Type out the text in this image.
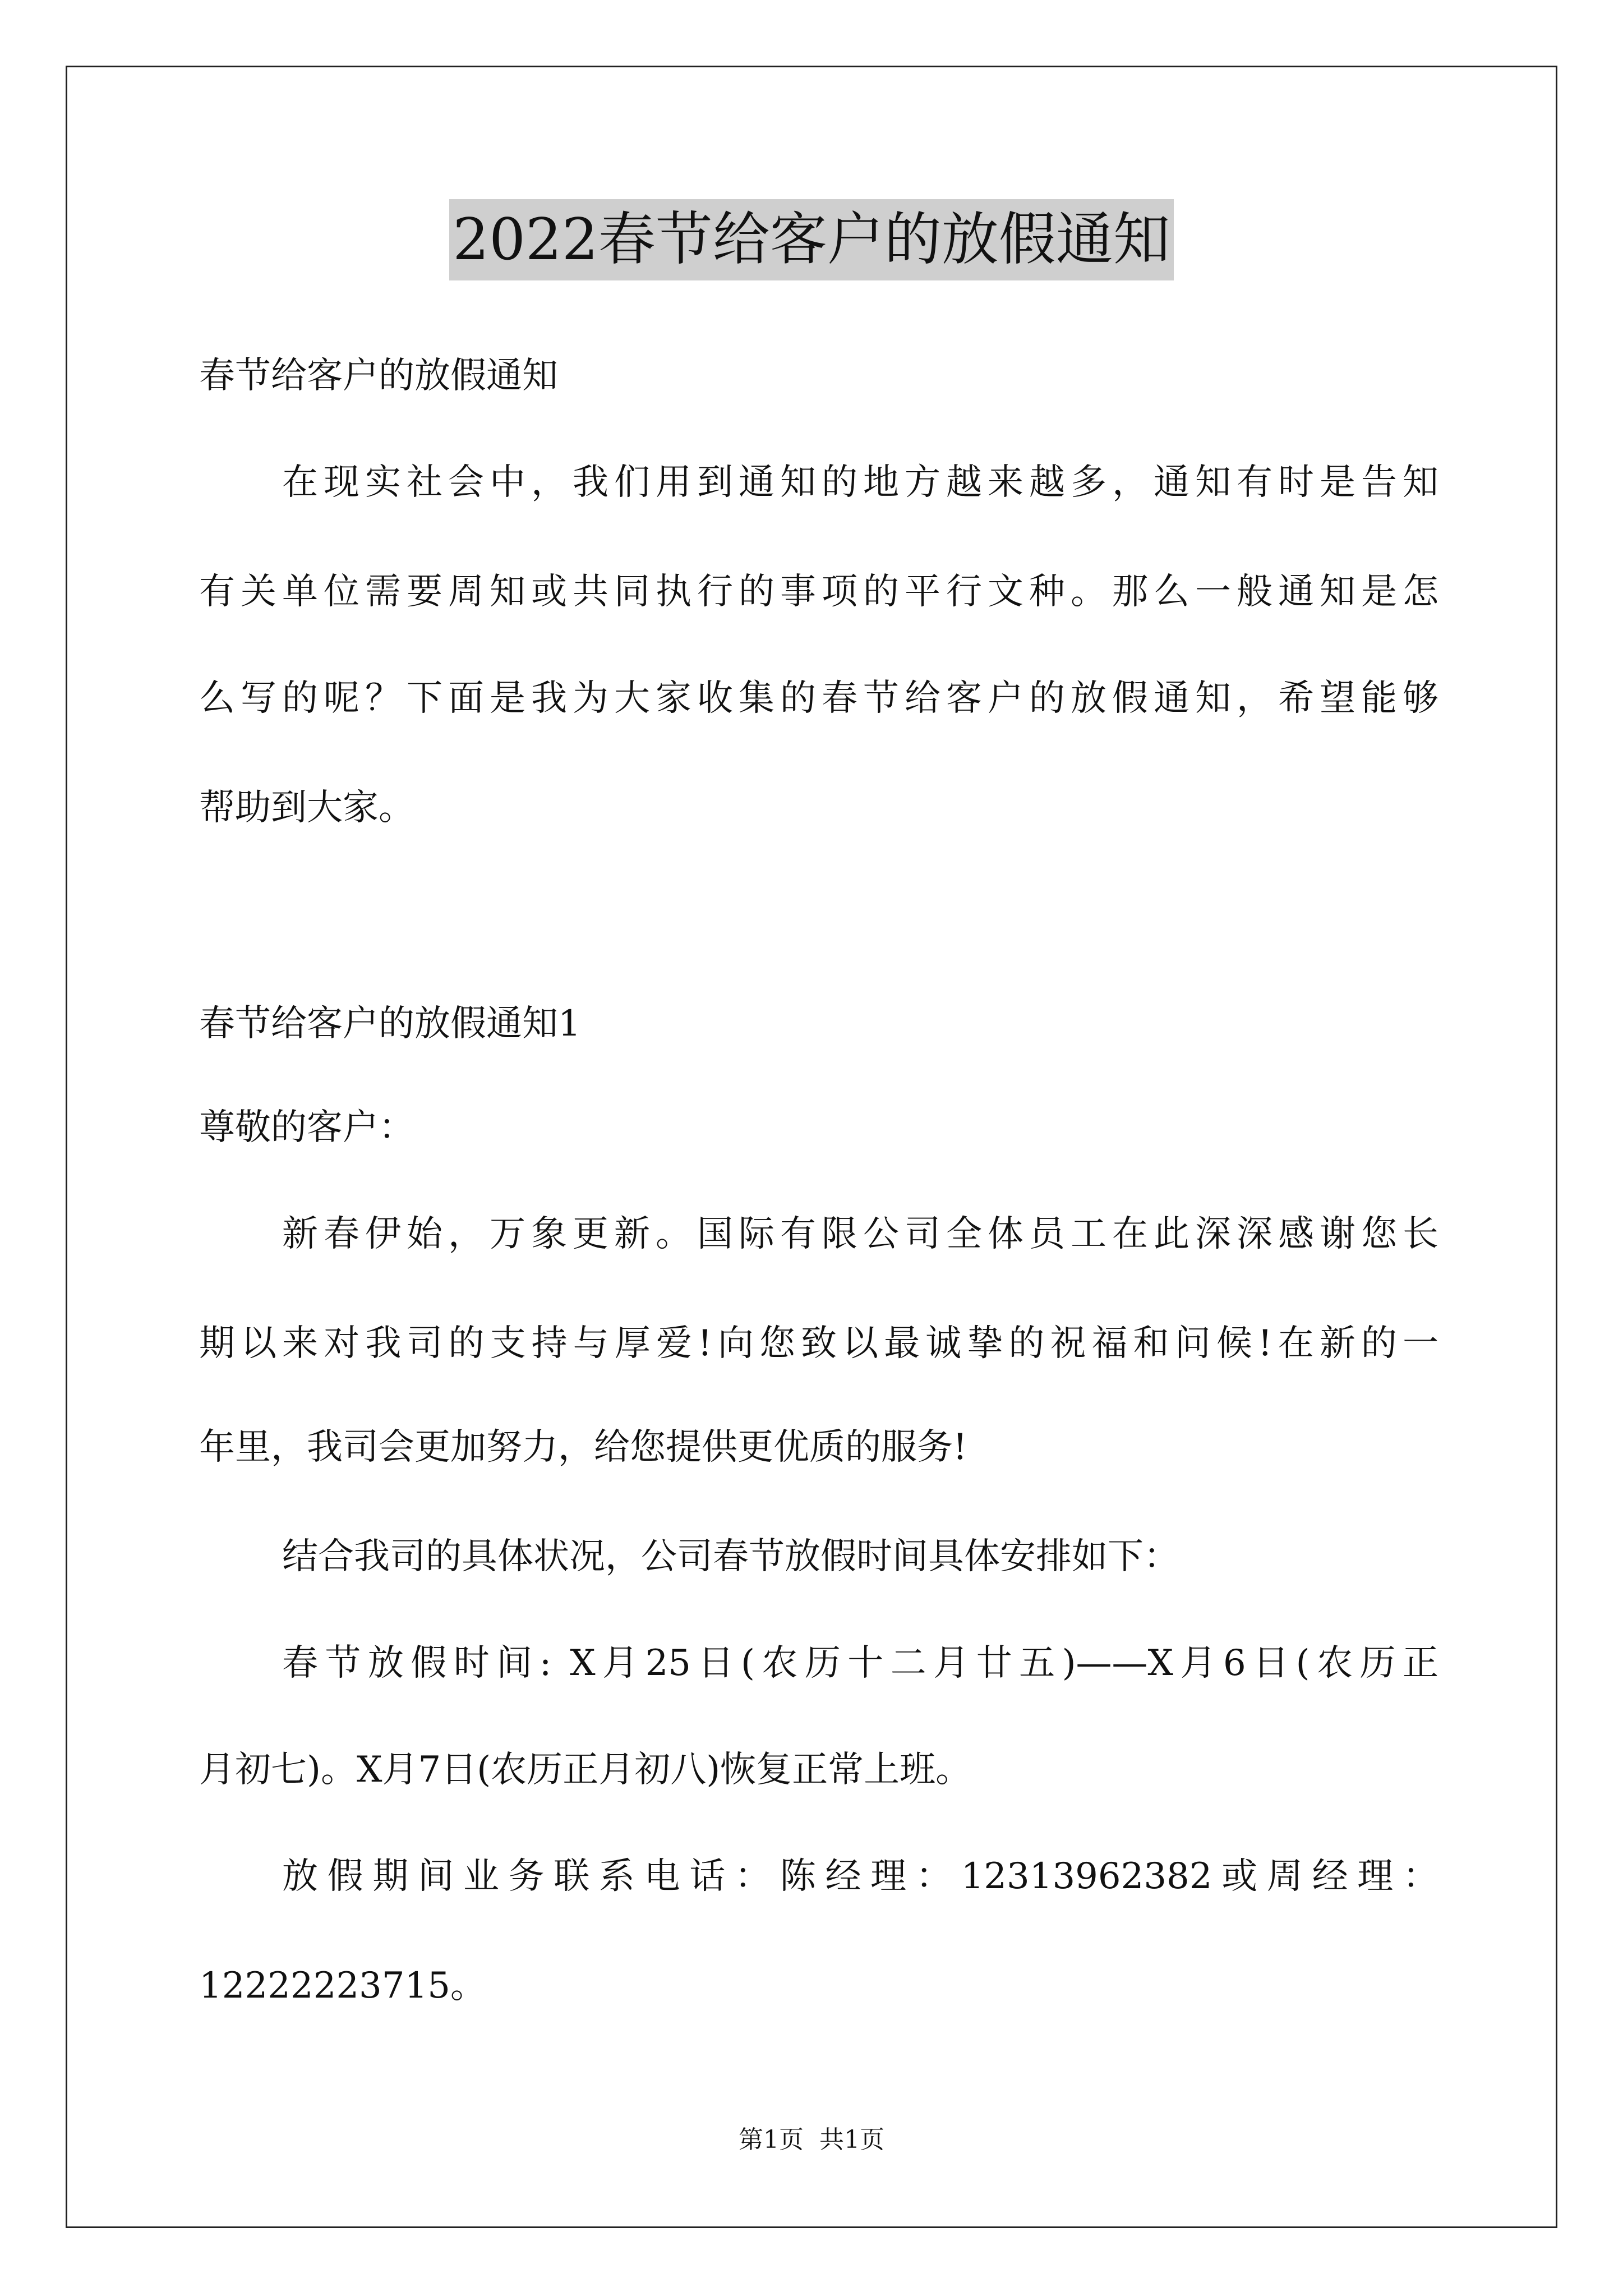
2022春节给客户的放假通知
春节给客户的放假通知
在现实社会中，我们用到通知的地方越来越多，通知有时是告知
有关单位需要周知或共同执行的事项的平行文种。那么一般通知是怎
么写的呢？下面是我为大家收集的春节给客户的放假通知，希望能够
帮助到大家。
春节给客户的放假通知1
尊敬的客户：
新春伊始，万象更新。国际有限公司全体员工在此深深感谢您长
期以来对我司的支持与厚爱!向您致以最诚挚的祝福和问候!在新的一
年里，我司会更加努力，给您提供更优质的服务!
结合我司的具体状况，公司春节放假时间具体安排如下：
春节放假时间: X月25日(农历十二月廿五)——X月6日(农历正
月初七)。X月7日(农历正月初八)恢复正常上班。
放假期间业务联系电话：陈经理：12313962382或周经理：
12222223715。
第1页 共1页
